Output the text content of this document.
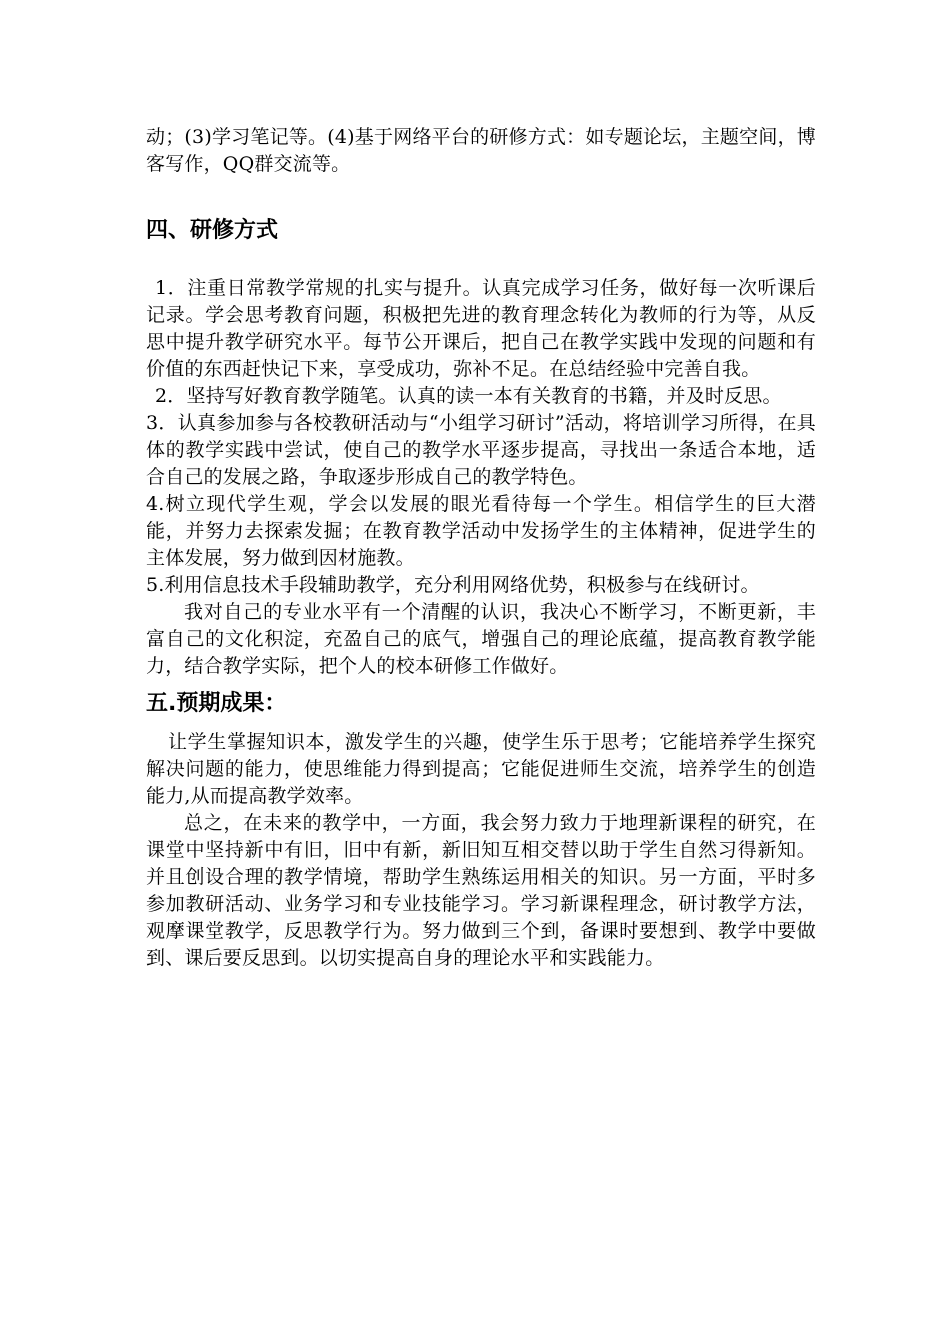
动；(3)学习笔记等。(4)基于网络平台的研修方式：如专题论坛，主题空间，博客写作，QQ群交流等。

四、研修方式

1．注重日常教学常规的扎实与提升。认真完成学习任务，做好每一次听课后记录。学会思考教育问题，积极把先进的教育理念转化为教师的行为等，从反思中提升教学研究水平。每节公开课后，把自己在教学实践中发现的问题和有价值的东西赶快记下来，享受成功，弥补不足。在总结经验中完善自我。

2．坚持写好教育教学随笔。认真的读一本有关教育的书籍，并及时反思。

3．认真参加参与各校教研活动与“小组学习研讨”活动，将培训学习所得，在具体的教学实践中尝试，使自己的教学水平逐步提高，寻找出一条适合本地，适合自己的发展之路，争取逐步形成自己的教学特色。

4.树立现代学生观，学会以发展的眼光看待每一个学生。相信学生的巨大潜能，并努力去探索发掘；在教育教学活动中发扬学生的主体精神，促进学生的主体发展，努力做到因材施教。

5.利用信息技术手段辅助教学，充分利用网络优势，积极参与在线研讨。

我对自己的专业水平有一个清醒的认识，我决心不断学习，不断更新，丰富自己的文化积淀，充盈自己的底气，增强自己的理论底蕴，提高教育教学能力，结合教学实际，把个人的校本研修工作做好。

五.预期成果：

让学生掌握知识本，激发学生的兴趣，使学生乐于思考；它能培养学生探究解决问题的能力，使思维能力得到提高；它能促进师生交流，培养学生的创造能力,从而提高教学效率。

总之，在未来的教学中，一方面，我会努力致力于地理新课程的研究，在课堂中坚持新中有旧，旧中有新，新旧知互相交替以助于学生自然习得新知。并且创设合理的教学情境，帮助学生熟练运用相关的知识。另一方面，平时多参加教研活动、业务学习和专业技能学习。学习新课程理念，研讨教学方法，观摩课堂教学，反思教学行为。努力做到三个到，备课时要想到、教学中要做到、课后要反思到。以切实提高自身的理论水平和实践能力。
